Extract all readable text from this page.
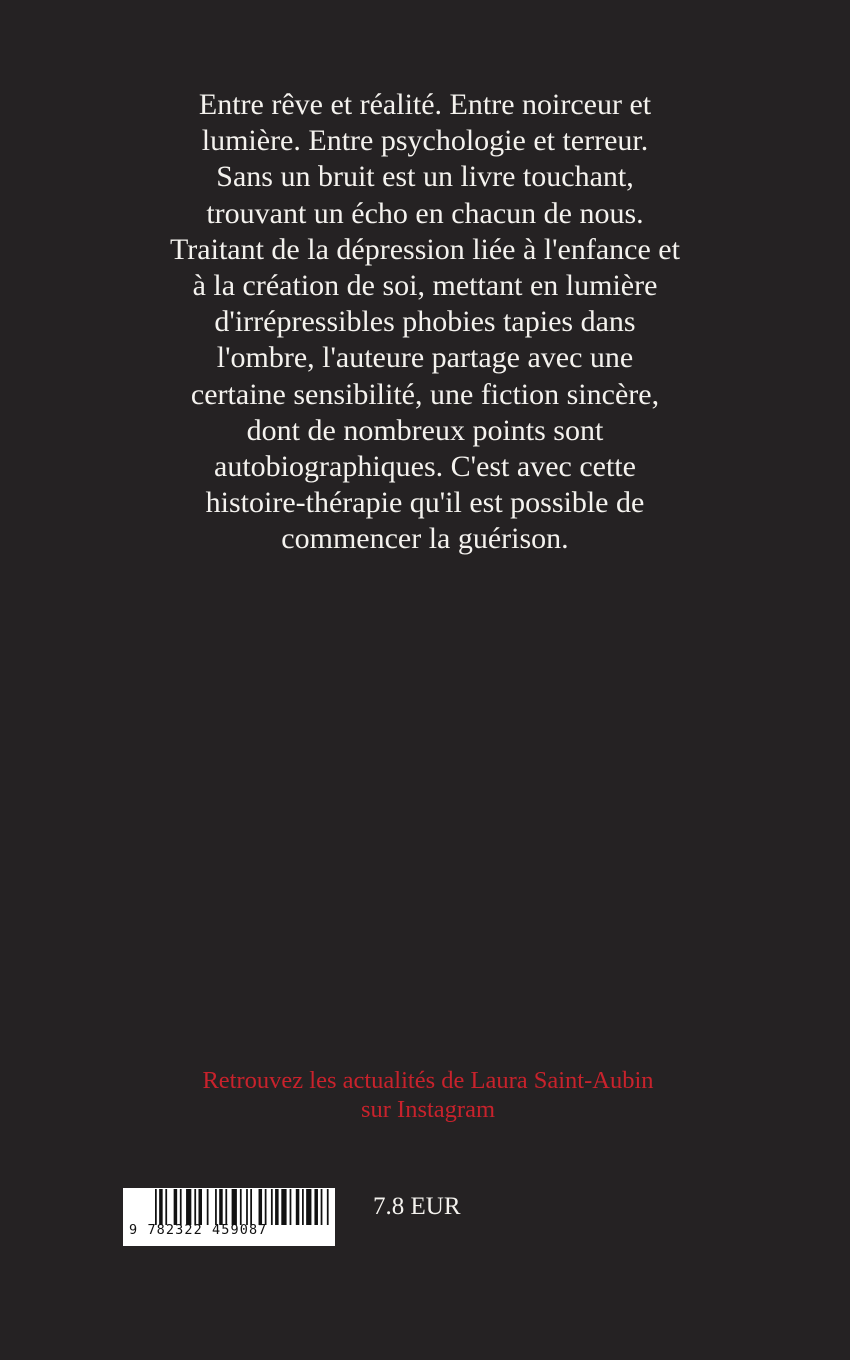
Entre rêve et réalité. Entre noirceur et
lumière. Entre psychologie et terreur.
Sans un bruit est un livre touchant,
trouvant un écho en chacun de nous.
Traitant de la dépression liée à l'enfance et
à la création de soi, mettant en lumière
d'irrépressibles phobies tapies dans
l'ombre, l'auteure partage avec une
certaine sensibilité, une fiction sincère,
dont de nombreux points sont
autobiographiques. C'est avec cette
histoire-thérapie qu'il est possible de
commencer la guérison.
Retrouvez les actualités de Laura Saint-Aubin
sur Instagram
9 782322 459087
7.8 EUR
